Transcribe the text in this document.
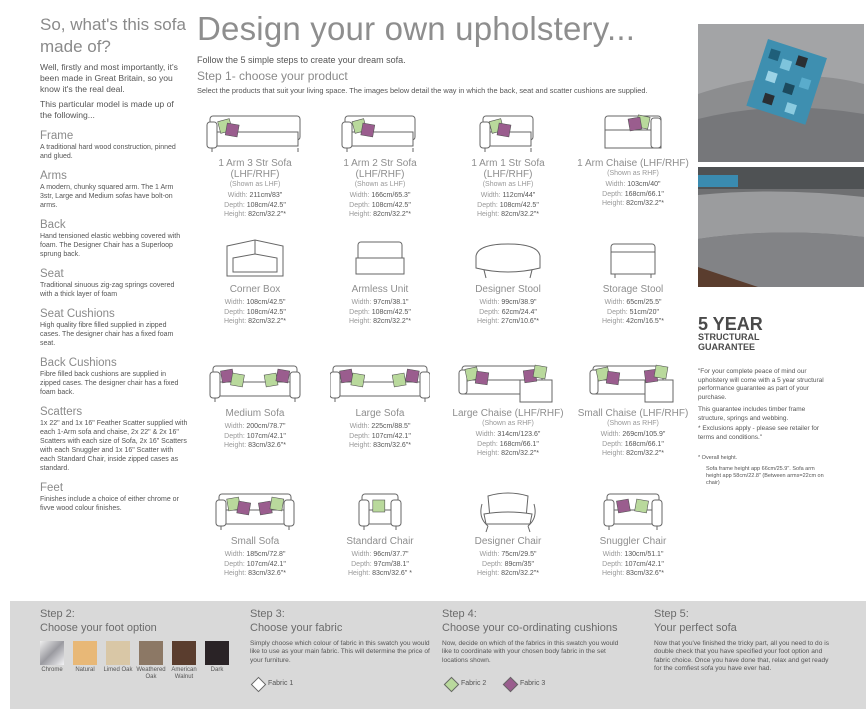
So, what's this sofa made of?
Well, firstly and most importantly, it's been made in Great Britain, so you know it's the real deal.
This particular model is made up of the following...
Frame
A traditional hard wood construction, pinned and glued.
Arms
A modern, chunky squared arm. The 1 Arm 3str, Large and Medium sofas have bolt-on arms.
Back
Hand tensioned elastic webbing covered with foam. The Designer Chair has a Superloop sprung back.
Seat
Traditional sinuous zig-zag springs covered with a thick layer of foam
Seat Cushions
High quality fibre filled supplied in zipped cases. The designer chair has a fixed foam seat.
Back Cushions
Fibre filled back cushions are supplied in zipped cases. The designer chair has a fixed foam back.
Scatters
1x 22" and 1x 16" Feather Scatter supplied with each 1-Arm sofa and chaise, 2x 22" & 2x 16" Scatters with each size of Sofa, 2x 16" Scatters with each Snuggler and 1x 16" Scatter with each Standard Chair, inside zipped cases as standard.
Feet
Finishes include a choice of either chrome or fivve wood colour finishes.
Design your own upholstery...
Follow the 5 simple steps to create your dream sofa.
Step 1- choose your product
Select the products that suit your living space. The images below detail the way in which the back, seat and scatter cushions are supplied.
1 Arm 3 Str Sofa (LHF/RHF)
(Shown as LHF)
Width: 211cm/83"
Depth: 108cm/42.5"
Height: 82cm/32.2"*
1 Arm 2 Str Sofa (LHF/RHF)
(Shown as LHF)
Width: 166cm/65.3"
Depth: 108cm/42.5"
Height: 82cm/32.2"*
1 Arm 1 Str Sofa (LHF/RHF)
(Shown as LHF)
Width: 112cm/44"
Depth: 108cm/42.5"
Height: 82cm/32.2"*
1 Arm Chaise (LHF/RHF)
(Shown as RHF)
Width: 103cm/40"
Depth: 168cm/66.1"
Height: 82cm/32.2"*
Corner Box
Width: 108cm/42.5"
Depth: 108cm/42.5"
Height: 82cm/32.2"*
Armless Unit
Width: 97cm/38.1"
Depth: 108cm/42.5"
Height: 82cm/32.2"*
Designer Stool
Width: 99cm/38.9"
Depth: 62cm/24.4"
Height: 27cm/10.6"*
Storage Stool
Width: 65cm/25.5"
Depth: 51cm/20"
Height: 42cm/16.5"*
Medium Sofa
Width: 200cm/78.7"
Depth: 107cm/42.1"
Height: 83cm/32.6"*
Large Sofa
Width: 225cm/88.5"
Depth: 107cm/42.1"
Height: 83cm/32.6"*
Large Chaise (LHF/RHF)
(Shown as RHF)
Width: 314cm/123.6"
Depth: 168cm/66.1"
Height: 82cm/32.2"*
Small Chaise (LHF/RHF)
(Shown as RHF)
Width: 269cm/105.9"
Depth: 168cm/66.1"
Height: 82cm/32.2"*
Small Sofa
Width: 185cm/72.8"
Depth: 107cm/42.1"
Height: 83cm/32.6"*
Standard Chair
Width: 96cm/37.7"
Depth: 97cm/38.1"
Height: 83cm/32.6" *
Designer Chair
Width: 75cm/29.5"
Depth: 89cm/35"
Height: 82cm/32.2"*
Snuggler Chair
Width: 130cm/51.1"
Depth: 107cm/42.1"
Height: 83cm/32.6"*
5 YEAR
STRUCTURAL
GUARANTEE
"For your complete peace of mind our upholstery will come with a 5 year structural performance guarantee as part of your purchase.
This guarantee includes timber frame structure, springs and webbing.
* Exclusions apply - please see retailer for terms and conditions."
* Overall height.
Sofa frame height app 66cm/25.9". Sofa arm height app 58cm/22.8" (Between arms=22cm on chair)
Step 2:
Choose your foot option
Chrome	Natural	Limed Oak Weathered Oak
American Walnut
Dark
Step 3:
Choose your fabric
Simply choose which colour of fabric in this swatch you would like to use as your main fabric. This will determine the price of your furniture.
Step 4:
Choose your co-ordinating cushions
Now, decide on which of the fabrics in this swatch you would like to coordinate with your chosen body fabric in the set locations shown.
Step 5:
Your perfect sofa
Now that you've finished the tricky part, all you need to do is double check that you have specified your foot option and fabric choice. Once you have done that, relax and get ready for the comfiest sofa you have ever had.
Fabric 1	Fabric 2	Fabric 3
